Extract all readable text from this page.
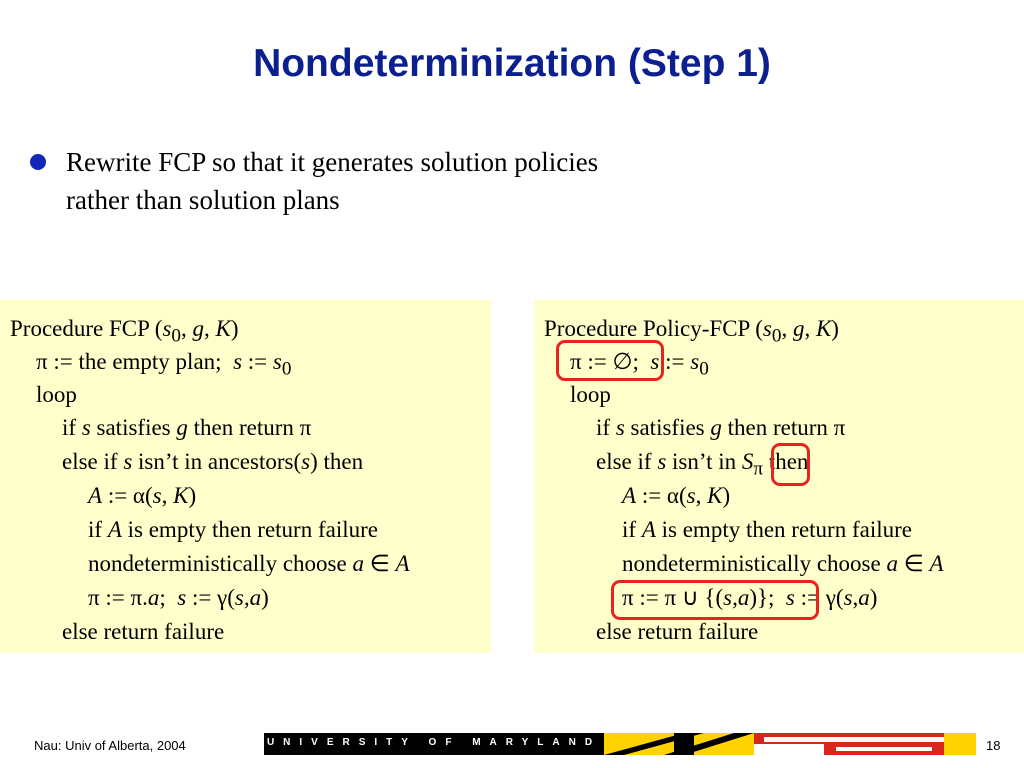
Nondeterminization (Step 1)
Rewrite FCP so that it generates solution policies
rather than solution plans
Procedure FCP ($s_0$, g, K)
π := the empty plan;  s := $s_0$
loop
if s satisfies g then return π
else if s isn’t in ancestors(s) then
A := α(s, K)
if A is empty then return failure
nondeterministically choose a ∈ A
π := π.a;  s := γ(s,a)
else return failure
Procedure Policy-FCP ($s_0$, g, K)
π := ∅; s := $s_0$
loop
if s satisfies g then return π
else if s isn’t in $S_\pi$ then
A := α(s, K)
if A is empty then return failure
nondeterministically choose a ∈ A
π := π ∪ {(s,a)}; s := γ(s,a)
else return failure
Nau: Univ of Alberta, 2004	UNIVERSITY OF MARYLAND	18
